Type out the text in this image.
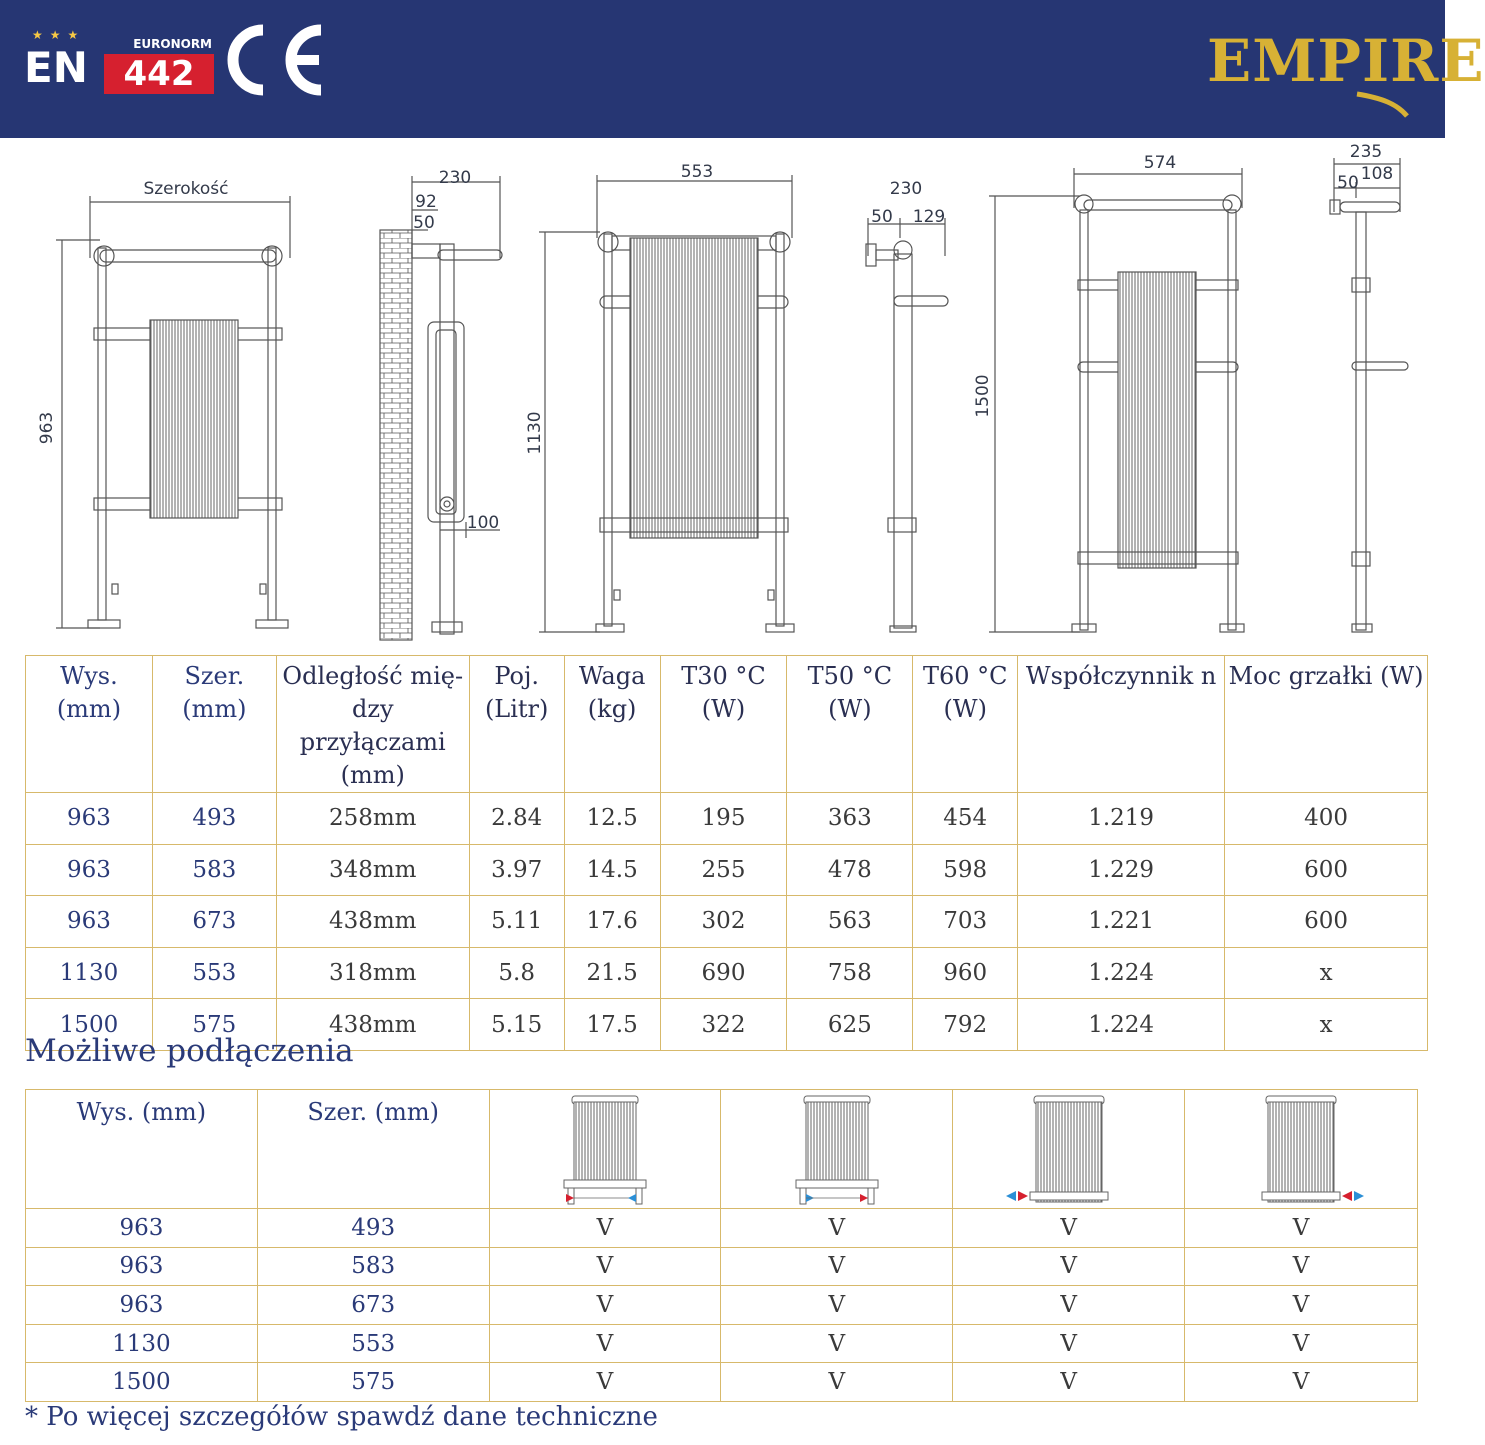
★★★
EN	EURONORM
442	EMPIRE
Szerokość
963
230
92
50
100
553
1130
230
50 129
574
1500
235
50 108
Wys. (mm)	Szer. (mm)	Odległość mię- dzy przyłączami (mm)	Poj. (Litr)	Waga (kg)	T30 °C (W)	T50 °C (W)	T60 °C (W)	Współczynnik n	Moc grzałki (W)
963	493	258mm	2.84	12.5	195	363	454	1.219	400
963	583	348mm	3.97	14.5	255	478	598	1.229	600
963	673	438mm	5.11	17.6	302	563	703	1.221	600
1130	553	318mm	5.8	21.5	690	758	960	1.224	x
1500	575	438mm	5.15	17.5	322	625	792	1.224	x
Możliwe podłączenia
Wys. (mm)	Szer. (mm)	

963	493	V	V	V	V
963	583	V	V	V	V
963	673	V	V	V	V
1130	553	V	V	V	V
1500	575	V	V	V	V
* Po więcej szczegółów spawdź dane techniczne
